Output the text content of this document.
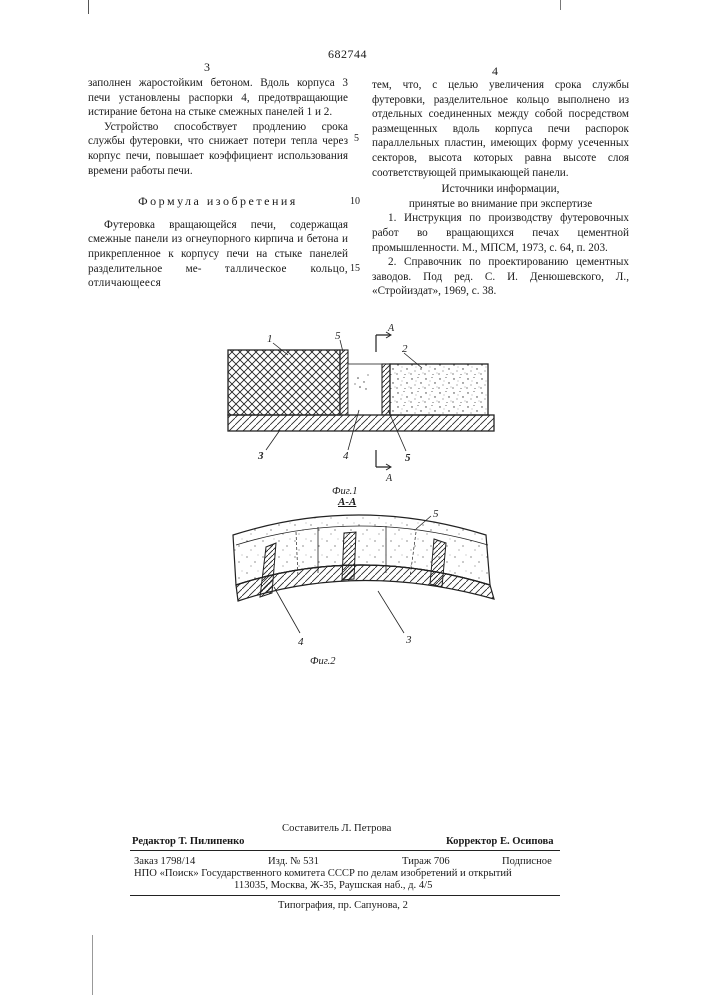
682744
3

заполнен жаростойким бетоном. Вдоль корпуса 3 печи установлены распорки 4, предотвращающие истирание бетона на стыке смежных панелей 1 и 2.

Устройство способствует продлению срока службы футеровки, что снижает потери тепла через корпус печи, повышает коэффициент использования времени работы печи.

Формула изобретения

Футеровка вращающейся печи, содержащая смежные панели из огнеупорного кирпича и бетона и прикрепленное к корпусу печи на стыке панелей разделительное ме- таллическое кольцо, отличающееся

5
10
15
4

тем, что, с целью увеличения срока службы футеровки, разделительное кольцо выполнено из отдельных соединенных между собой посредством размещенных вдоль корпуса печи распорок параллельных пластин, имеющих форму усеченных секторов, высота которых равна высоте слоя соответствующей примыкающей панели.

Источники информации,

принятые во внимание при экспертизе

1. Инструкция по производству футеровочных работ во вращающихся печах цементной промышленности. М., МПСМ, 1973, с. 64, п. 203.

2. Справочник по проектированию цементных заводов. Под ред. С. И. Денюшевского, Л., «Стройиздат», 1969, с. 38.

1	5
2
3	4	5
A
A
Фиг.1
А-А
5
4	3
Фиг.2
Составитель Л. Петрова
Редактор Т. Пилипенко	Корректор Е. Осипова
Заказ 1798/14	Изд. № 531	Тираж 706	Подписное
НПО «Поиск» Государственного комитета СССР по делам изобретений и открытий
113035, Москва, Ж-35, Раушская наб., д. 4/5
Типография, пр. Сапунова, 2
